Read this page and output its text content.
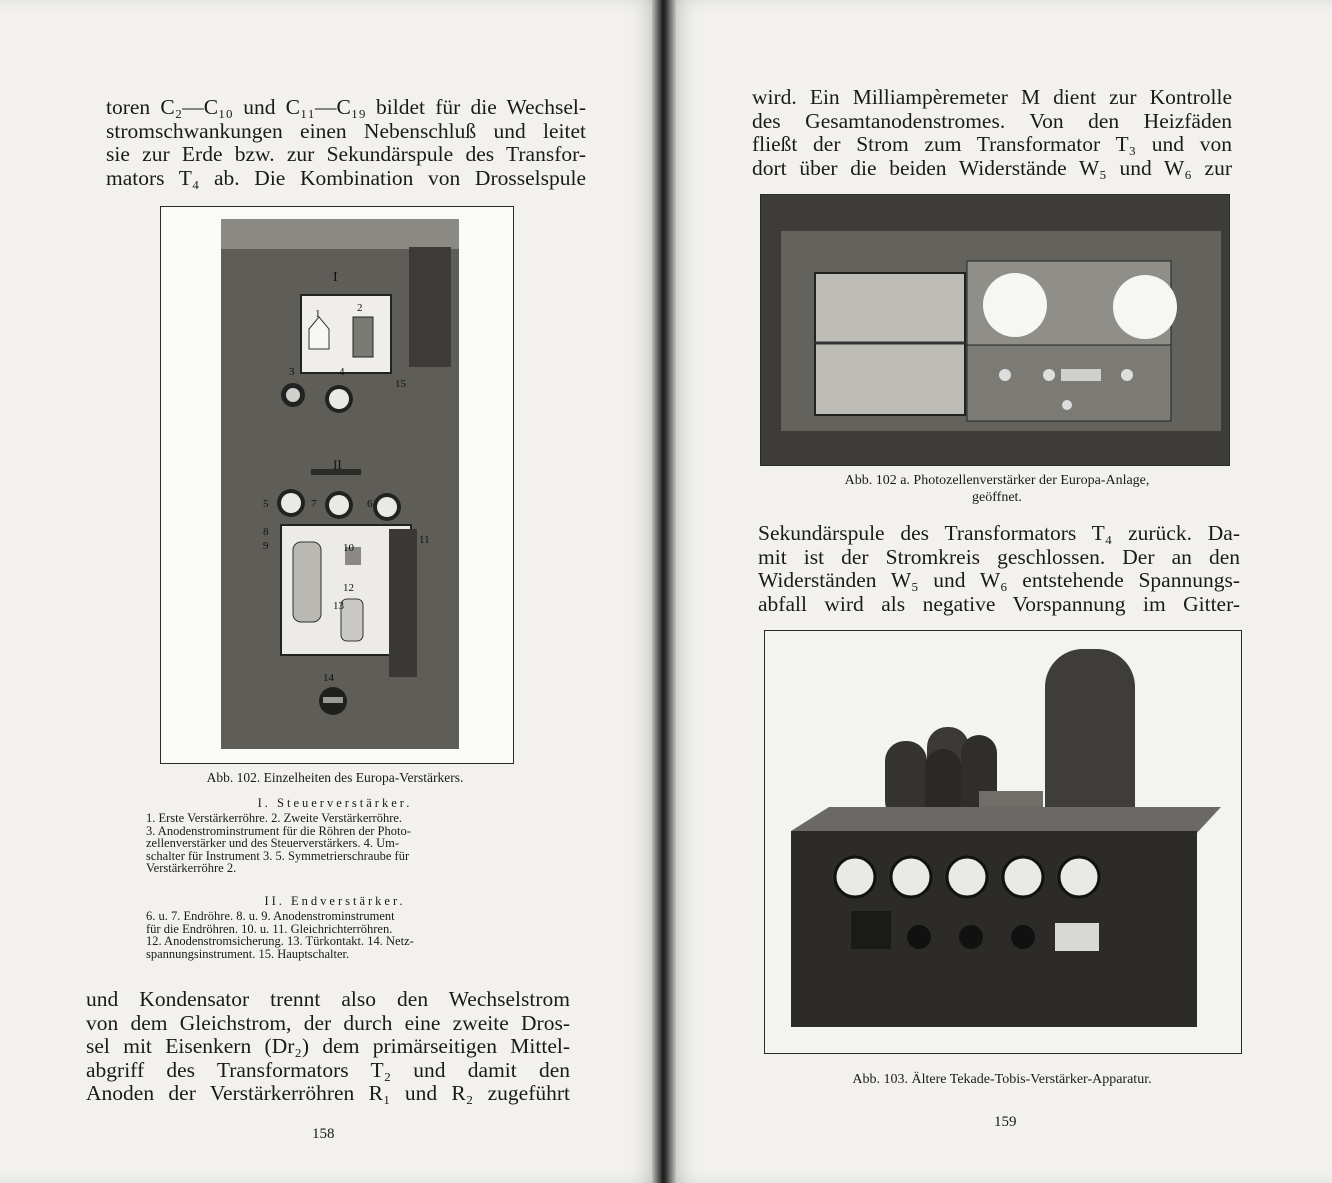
toren C₂—C₁₀ und C₁₁—C₁₉ bildet für die Wechsel-
stromschwankungen einen Nebenschluß und leitet
sie zur Erde bzw. zur Sekundärspule des Transfor-
mators T₄ ab. Die Kombination von Drosselspule
I
1	2
3	4
15
II
5	7	6
8
9	10
11
12
13
14
Abb. 102. Einzelheiten des Europa-Verstärkers.
I. Steuerverstärker.
1. Erste Verstärkerröhre. 2. Zweite Verstärkerröhre.
3. Anodenstrominstrument für die Röhren der Photo-
zellenverstärker und des Steuerverstärkers. 4. Um-
schalter für Instrument 3. 5. Symmetrierschraube für
Verstärkerröhre 2.
II. Endverstärker.
6. u. 7. Endröhre. 8. u. 9. Anodenstrominstrument
für die Endröhren. 10. u. 11. Gleichrichterröhren.
12. Anodenstromsicherung. 13. Türkontakt. 14. Netz-
spannungsinstrument. 15. Hauptschalter.
und Kondensator trennt also den Wechselstrom
von dem Gleichstrom, der durch eine zweite Dros-
sel mit Eisenkern (Dr₂) dem primärseitigen Mittel-
abgriff des Transformators T₂ und damit den
Anoden der Verstärkerröhren R₁ und R₂ zugeführt
158
wird. Ein Milliampèremeter M dient zur Kontrolle
des Gesamtanodenstromes. Von den Heizfäden
fließt der Strom zum Transformator T₃ und von
dort über die beiden Widerstände W₅ und W₆ zur
Abb. 102 a. Photozellenverstärker der Europa-Anlage,
geöffnet.
Sekundärspule des Transformators T₄ zurück. Da-
mit ist der Stromkreis geschlossen. Der an den
Widerständen W₅ und W₆ entstehende Spannungs-
abfall wird als negative Vorspannung im Gitter-
Abb. 103. Ältere Tekade-Tobis-Verstärker-Apparatur.
159
